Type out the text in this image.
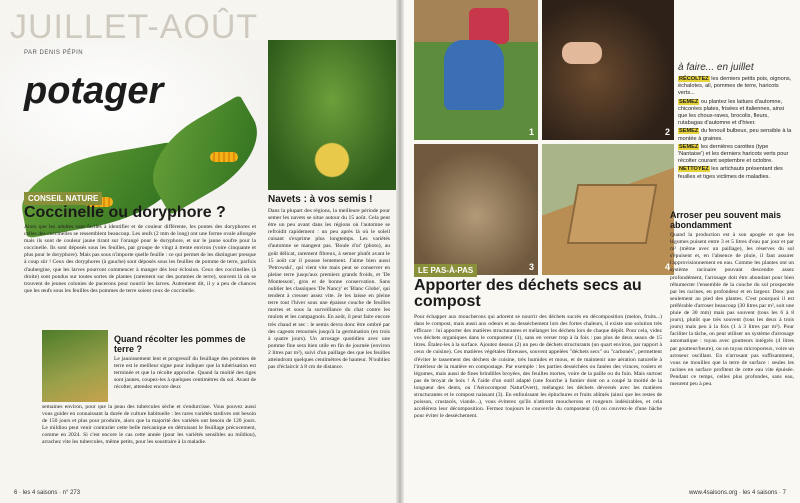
JUILLET-AOÛT
PAR DENIS PÉPIN
potager
CONSEIL NATURE
Coccinelle ou doryphore ?
Alors que les adultes sont faciles à identifier et de couleur différente, les pontes des doryphores et celles des coccinelles se ressemblent beaucoup. Les œufs (2 mm de long) ont une forme ovale allongée mais ils sont de couleur jaune tirant sur l'orangé pour le doryphore, et sur le jaune soufre pour la coccinelle. Ils sont déposés sous les feuilles, par groupe de vingt à trente environ (voire cinquante et plus pour le doryphore). Mais pas sous n'importe quelle feuille : ce qui permet de les distinguer presque à coup sûr ! Ceux des doryphores (à gauche) sont déposés sous les feuilles de pomme de terre, parfois d'aubergine, que les larves pourront commencer à manger dès leur éclosion. Ceux des coccinelles (à droite) sont pondus sur toutes sortes de plantes (rarement sur des pommes de terre), souvent là où se trouvent de jeunes colonies de pucerons pour nourrir les larves. Autrement dit, il y a peu de chances que les œufs sous les feuilles des pommes de terre soient ceux de coccinelle.
Navets : à vos semis !
Dans la plupart des régions, la meilleure période pour semer les navets se situe autour du 15 août. Cela peut être un peu avant dans les régions où l'automne se refroidit rapidement : un peu après là où le soleil cuisant s'exprime plus longtemps. Les variétés d'automne se mangent pas. 'Boule d'or' (photo), au goût délicat, rarement fibreux, à semer plutôt avant le 15 août car il pousse lentement. J'aime bien aussi 'Petrowski', qui vient vite mais peut se conserver en pleine terre jusqu'aux premiers grands froids, et 'De Montesson', gros et de bonne conservation. Sans oublier les classiques 'De Nancy' et 'Blanc Globe', qui tendent à creuser assez vite. Je les laisse en pleine terre tout l'hiver sous une épaisse couche de feuilles mortes et sous la surveillance du chat contre les mulots et les campagnols. En août, il peut faire encore très chaud et sec : le semis devra donc être ombré par des cageots retournés jusqu'à la germination (en trois à quatre jours). Un arrosage quotidien avec une pomme fine sera bien utile en fin de journée (environ 2 litres par m²), suivi d'un paillage des que les feuilles atteindront quelques centimètres de hauteur. N'oubliez pas d'éclaircir à 8 cm de distance.
Quand récolter les pommes de terre ?
Le jaunissement lent et progressif du feuillage des pommes de terre est le meilleur signe pour indiquer que la tubérisation est terminée et que la récolte approche. Quand la moitié des tiges sont jaunes, coupez-les à quelques centimètres du sol. Avant de récolter, attendez encore deux
semaines environ, pour que la peau des tubercules sèche et s'endurcisse. Vous pouvez aussi vous guider en connaissant la durée de culture habituelle : les rares variétés tardives ont besoin de 150 jours et plus pour produire, alors que la majorité des variétés ont besoin de 120 jours. Le mildiou peut venir contrarier cette belle mécanique en détruisant le feuillage précocement, comme en 2024. Si c'est encore le cas cette année (pour les variétés sensibles au mildiou), arrachez vite les tubercules, même petits, pour les soustraire à la maladie.
6 · les 4 saisons · n° 273
1	2
3	4
à faire... en juillet

RÉCOLTEZ les derniers petits pois, oignons, échalotes, ail, pommes de terre, haricots verts...

SEMEZ ou plantez les laitues d'automne, chicorées plates, frisées et italiennes, ainsi que les choux-raves, brocolis, fleurs, rutabagas d'automne et d'hiver.

SEMEZ du fenouil bulbeux, peu sensible à la montée à graines.

SEMEZ les dernières carottes (type 'Nantaise') et les derniers haricots verts pour récolter courant septembre et octobre.

NETTOYEZ les artichauts présentant des feuilles et tiges victimes de maladies.

LE PAS-À-PAS
Apporter des déchets secs au compost
Pour échapper aux moucherons qui adorent se nourrir des déchets sucrés en décomposition (melon, fruits...) dans le compost, mais aussi aux odeurs et au dessèchement lors des fortes chaleurs, il existe une solution très efficace : lui apporter des matières structurantes et mélanger les déchets lors de chaque dépôt. Pour cela, videz vos déchets organiques dans le composteur (1), sans en verser trop à la fois : pas plus de deux seaux de 15 litres. Étalez-les à la surface. Ajoutez dessus (2) un peu de déchets structurants (un quart environ, par rapport à ceux de cuisine). Ces matières végétales fibreuses, souvent appelées "déchets secs" ou "carbonés", permettent d'éviter le tassement des déchets de cuisine, très humides et mous, et de maintenir une aération naturelle à l'intérieur de la matière en compostage. Par exemple : les parties desséchées ou fanées des viraces, rosiers et légumes, mais aussi de fines brindilles broyées, des feuilles mortes, voire de la paille ou du foin. Mais surtout pas de broyat de bois ! À l'aide d'un outil adapté (une fourche à fumier dont on a coupé la moitié de la longueur des dents, ou l'Aérocompost NaturOvert), mélangez les déchets déversés avec les matières structurantes et le compost naissant (3). En enfouissant les épluchures et fruits abîmés (ainsi que les restes de poisson, crustacés, viande...), vous éviterez qu'ils n'attirent moucherons et rongeurs indésirables, et cela accélérera leur décomposition. Fermez toujours le couvercle du composteur (4) ou couvrez-le d'une bâche pour éviter le dessèchement.
Arroser peu souvent mais abondamment
Quand la production est à son apogée et que les légumes puisent entre 3 et 5 litres d'eau par jour et par m² (même avec un paillage), les réserves du sol s'épuisent et, en l'absence de pluie, il faut assurer l'approvisionnement en eau. Comme les plantes ont un système racinaire pouvant descendre assez profondément, l'arrosage doit être abondant pour bien réhumecter l'ensemble de la couche du sol prospectée par les racines, en profondeur et en largeur. Donc pas seulement au pied des plantes. C'est pourquoi il est préférable d'arroser beaucoup (30 litres par m², soit une pluie de 30 mm) mais pas souvent (tous les 6 à 8 jours), plutôt que très souvent (tous les deux à trois jours) mais peu à la fois (1 à 3 litres par m²). Pour faciliter la tâche, on peut utiliser un système d'arrosage automatique : tuyau avec goutteurs intégrés (4 litres par goutteur/heure), ou un tuyau microporeux, voire un arroseur oscillant. En n'arrosant pas suffisamment, vous ne mouillez que la terre de surface : seules les racines en surface profitent de cette eau vite épuisée. Pendant ce temps, celles plus profondes, sans eau, meurent peu à peu.
www.4saisons.org · les 4 saisons · 7
